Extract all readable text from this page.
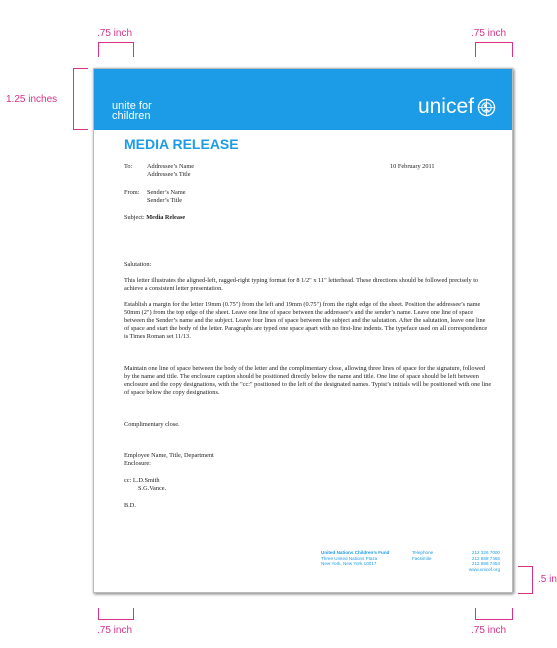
.75 inch	.75 inch
1.25 inches
.5 in
.75 inch	.75 inch
unite for
children	unicef
MEDIA RELEASE
To: Addressee’s Name
Addressee’s Title
10 February 2011
From: Sender’s Name
Sender’s Title
Subject: Media Release
Salutation:
This letter illustrates the aligned-left, ragged-right typing format for 8 1/2" x 11" letterhead. These directions should be followed precisely to achieve a consistent letter presentation.
Establish a margin for the letter 19mm (0.75") from the left and 19mm (0.75") from the right edge of the sheet. Position the addressee’s name 50mm (2") from the top edge of the sheet. Leave one line of space between the addressee’s and the sender’s name. Leave one line of space between the Sender’s name and the subject. Leave four lines of space between the subject and the salutation. After the salutation, leave one line of space and start the body of the letter. Paragraphs are typed one space apart with no first-line indents. The typeface used on all correspondence is Times Roman set 11/13.
Maintain one line of space between the body of the letter and the complimentary close, allowing three lines of space for the signature, followed by the name and title. The enclosure caption should be positioned directly below the name and title. One line of space should be left between enclosure and the copy designations, with the "cc:" positioned to the left of the designated names. Typist’s initials will be positioned with one line of space below the copy designations.
Complimentary close.
Employee Name, Title, Department
Enclosure:
cc: L.D.Smith
S.G.Vance.
B.D.
United Nations Children’s Fund
Three United Nations Plaza
New York, New York 10017
Telephone	212 326 7000
Facsimile	212 888 7465
212 888 7454
www.unicef.org
